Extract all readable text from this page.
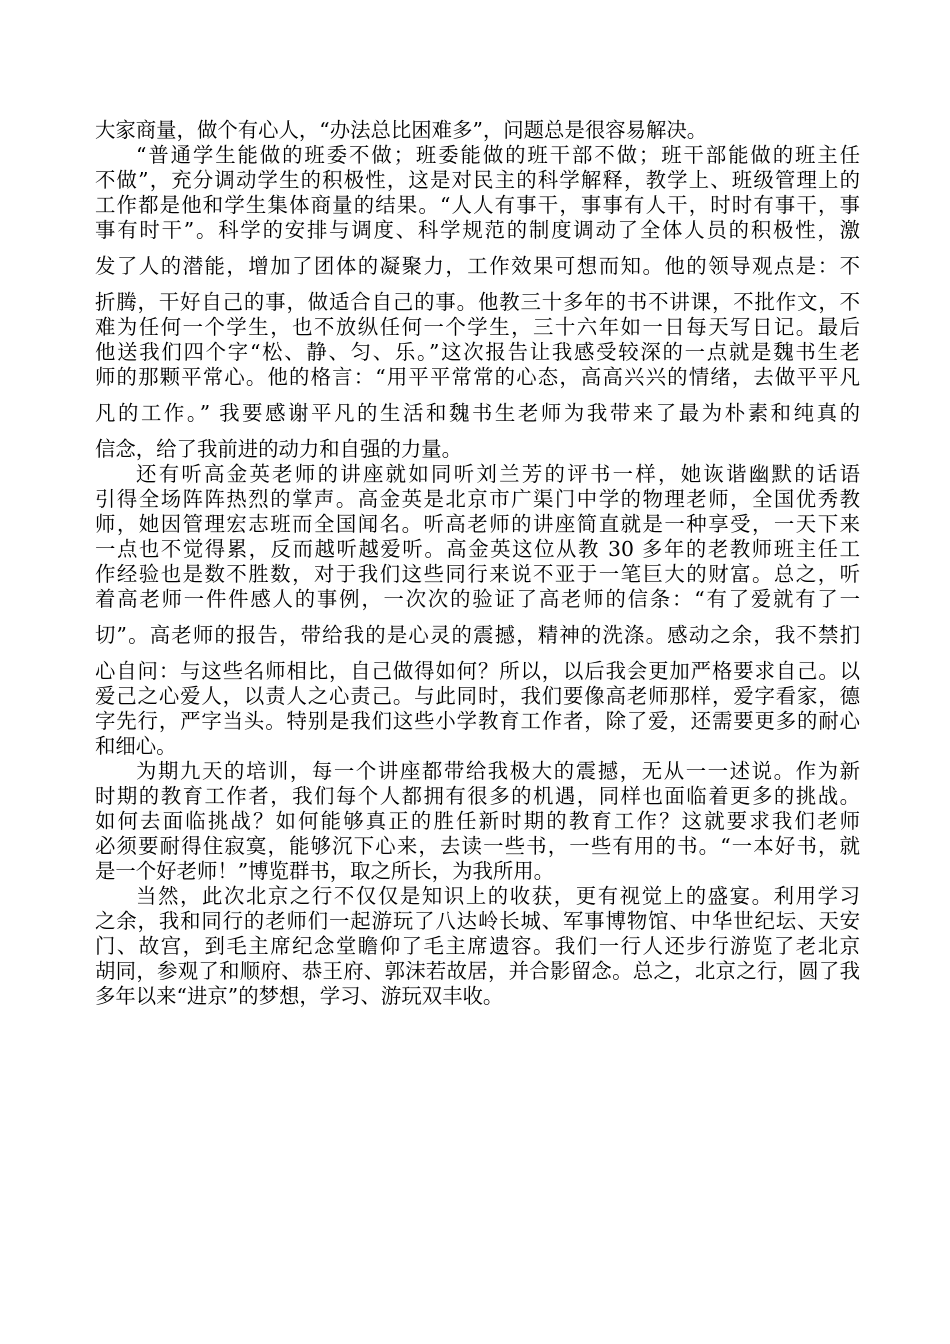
大家商量，做个有心人，“办法总比困难多”，问题总是很容易解决。
“普通学生能做的班委不做；班委能做的班干部不做；班干部能做的班主任
不做”，充分调动学生的积极性，这是对民主的科学解释，教学上、班级管理上的
工作都是他和学生集体商量的结果。“人人有事干，事事有人干，时时有事干，事
事有时干”。科学的安排与调度、科学规范的制度调动了全体人员的积极性，激
发了人的潜能，增加了团体的凝聚力，工作效果可想而知。他的领导观点是：不
折腾，干好自己的事，做适合自己的事。他教三十多年的书不讲课，不批作文，不
难为任何一个学生，也不放纵任何一个学生，三十六年如一日每天写日记。最后
他送我们四个字“松、静、匀、乐。”这次报告让我感受较深的一点就是魏书生老
师的那颗平常心。他的格言：“用平平常常的心态，高高兴兴的情绪，去做平平凡
凡的工作。” 我要感谢平凡的生活和魏书生老师为我带来了最为朴素和纯真的
信念，给了我前进的动力和自强的力量。
还有听高金英老师的讲座就如同听刘兰芳的评书一样，她诙谐幽默的话语
引得全场阵阵热烈的掌声。高金英是北京市广渠门中学的物理老师，全国优秀教
师，她因管理宏志班而全国闻名。听高老师的讲座简直就是一种享受，一天下来
一点也不觉得累，反而越听越爱听。高金英这位从教 30 多年的老教师班主任工
作经验也是数不胜数，对于我们这些同行来说不亚于一笔巨大的财富。总之，听
着高老师一件件感人的事例，一次次的验证了高老师的信条：“有了爱就有了一
切”。高老师的报告，带给我的是心灵的震撼，精神的洗涤。感动之余，我不禁扪
心自问：与这些名师相比，自己做得如何？所以，以后我会更加严格要求自己。以
爱己之心爱人，以责人之心责己。与此同时，我们要像高老师那样，爱字看家，德
字先行，严字当头。特别是我们这些小学教育工作者，除了爱，还需要更多的耐心
和细心。
为期九天的培训，每一个讲座都带给我极大的震撼，无从一一述说。作为新
时期的教育工作者，我们每个人都拥有很多的机遇，同样也面临着更多的挑战。
如何去面临挑战？如何能够真正的胜任新时期的教育工作？这就要求我们老师
必须要耐得住寂寞，能够沉下心来，去读一些书，一些有用的书。“一本好书，就
是一个好老师！”博览群书，取之所长，为我所用。
当然，此次北京之行不仅仅是知识上的收获，更有视觉上的盛宴。利用学习
之余，我和同行的老师们一起游玩了八达岭长城、军事博物馆、中华世纪坛、天安
门、故宫，到毛主席纪念堂瞻仰了毛主席遗容。我们一行人还步行游览了老北京
胡同，参观了和顺府、恭王府、郭沫若故居，并合影留念。总之，北京之行，圆了我
多年以来“进京”的梦想，学习、游玩双丰收。
